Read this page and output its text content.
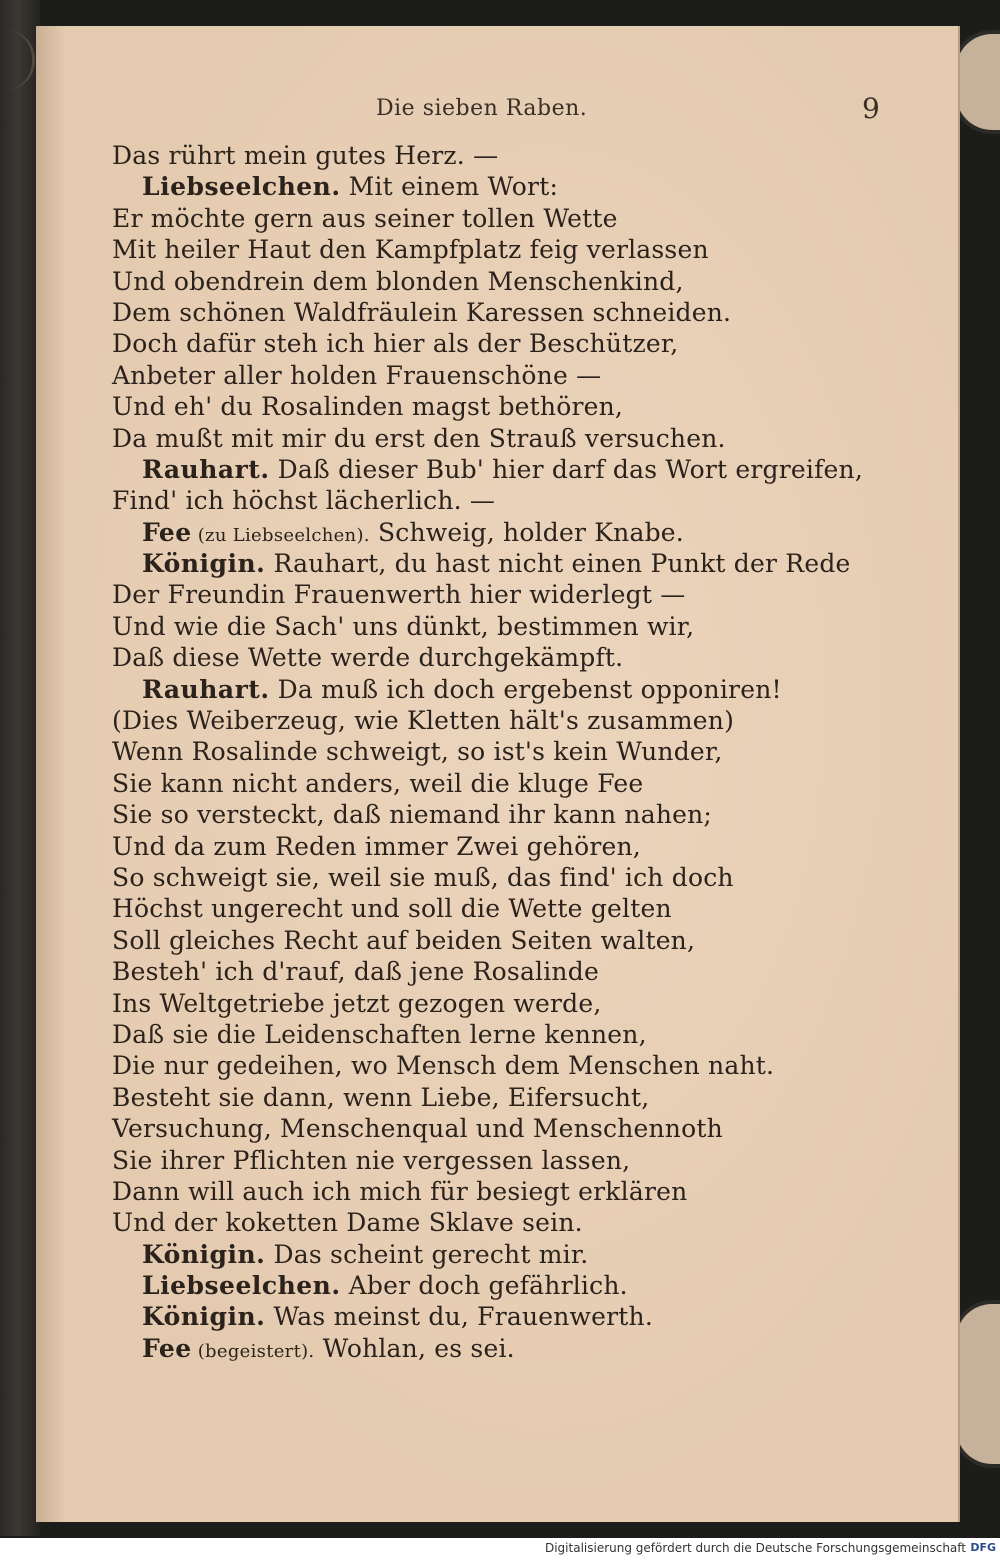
Die sieben Raben.	9
Das rührt mein gutes Herz. —
Liebseelchen. Mit einem Wort:
Er möchte gern aus seiner tollen Wette
Mit heiler Haut den Kampfplatz feig verlassen
Und obendrein dem blonden Menschenkind,
Dem schönen Waldfräulein Karessen schneiden.
Doch dafür steh ich hier als der Beschützer,
Anbeter aller holden Frauenschöne —
Und eh' du Rosalinden magst bethören,
Da mußt mit mir du erst den Strauß versuchen.
Rauhart. Daß dieser Bub' hier darf das Wort ergreifen,
Find' ich höchst lächerlich. —
Fee (zu Liebseelchen). Schweig, holder Knabe.
Königin. Rauhart, du hast nicht einen Punkt der Rede
Der Freundin Frauenwerth hier widerlegt —
Und wie die Sach' uns dünkt, bestimmen wir,
Daß diese Wette werde durchgekämpft.
Rauhart. Da muß ich doch ergebenst opponiren!
(Dies Weiberzeug, wie Kletten hält's zusammen)
Wenn Rosalinde schweigt, so ist's kein Wunder,
Sie kann nicht anders, weil die kluge Fee
Sie so versteckt, daß niemand ihr kann nahen;
Und da zum Reden immer Zwei gehören,
So schweigt sie, weil sie muß, das find' ich doch
Höchst ungerecht und soll die Wette gelten
Soll gleiches Recht auf beiden Seiten walten,
Besteh' ich d'rauf, daß jene Rosalinde
Ins Weltgetriebe jetzt gezogen werde,
Daß sie die Leidenschaften lerne kennen,
Die nur gedeihen, wo Mensch dem Menschen naht.
Besteht sie dann, wenn Liebe, Eifersucht,
Versuchung, Menschenqual und Menschennoth
Sie ihrer Pflichten nie vergessen lassen,
Dann will auch ich mich für besiegt erklären
Und der koketten Dame Sklave sein.
Königin. Das scheint gerecht mir.
Liebseelchen. Aber doch gefährlich.
Königin. Was meinst du, Frauenwerth.
Fee (begeistert). Wohlan, es sei.
Digitalisierung gefördert durch die Deutsche Forschungsgemeinschaft DFG
